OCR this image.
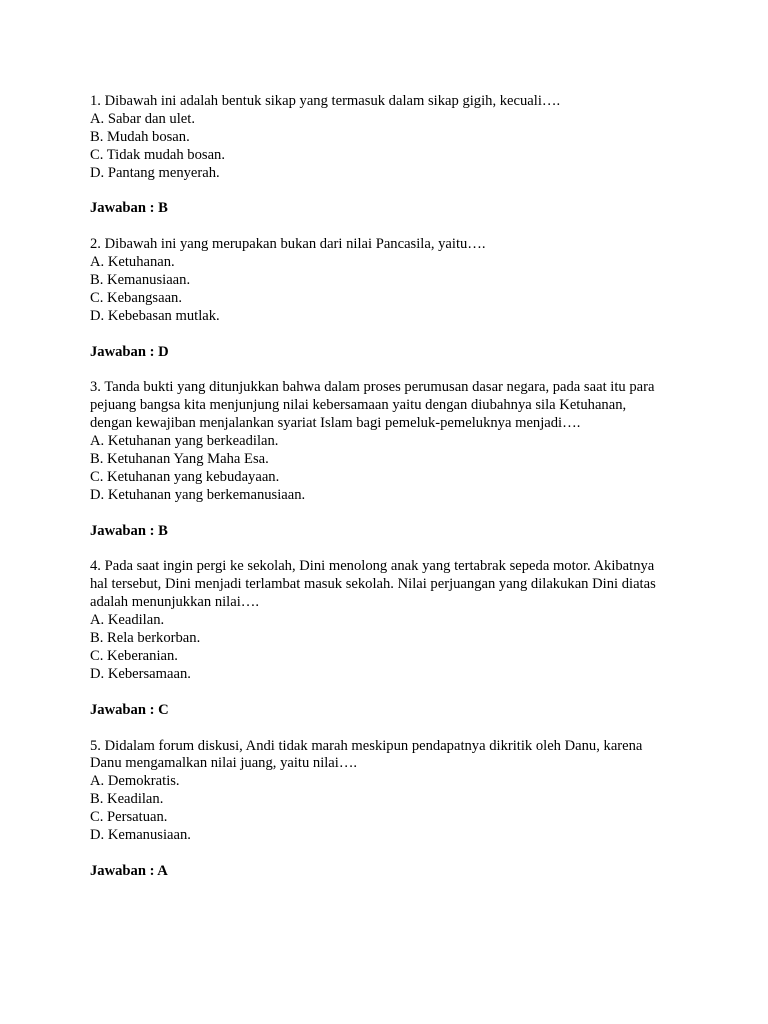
1. Dibawah ini adalah bentuk sikap yang termasuk dalam sikap gigih, kecuali….
A. Sabar dan ulet.
B. Mudah bosan.
C. Tidak mudah bosan.
D. Pantang menyerah.
Jawaban : B
2. Dibawah ini yang merupakan bukan dari nilai Pancasila, yaitu….
A. Ketuhanan.
B. Kemanusiaan.
C. Kebangsaan.
D. Kebebasan mutlak.
Jawaban : D
3. Tanda bukti yang ditunjukkan bahwa dalam proses perumusan dasar negara, pada saat itu para
pejuang bangsa kita menjunjung nilai kebersamaan yaitu dengan diubahnya sila Ketuhanan,
dengan kewajiban menjalankan syariat Islam bagi pemeluk-pemeluknya menjadi….
A. Ketuhanan yang berkeadilan.
B. Ketuhanan Yang Maha Esa.
C. Ketuhanan yang kebudayaan.
D. Ketuhanan yang berkemanusiaan.
Jawaban : B
4. Pada saat ingin pergi ke sekolah, Dini menolong anak yang tertabrak sepeda motor. Akibatnya
hal tersebut, Dini menjadi terlambat masuk sekolah. Nilai perjuangan yang dilakukan Dini diatas
adalah menunjukkan nilai….
A. Keadilan.
B. Rela berkorban.
C. Keberanian.
D. Kebersamaan.
Jawaban : C
5. Didalam forum diskusi, Andi tidak marah meskipun pendapatnya dikritik oleh Danu, karena
Danu mengamalkan nilai juang, yaitu nilai….
A. Demokratis.
B. Keadilan.
C. Persatuan.
D. Kemanusiaan.
Jawaban : A
